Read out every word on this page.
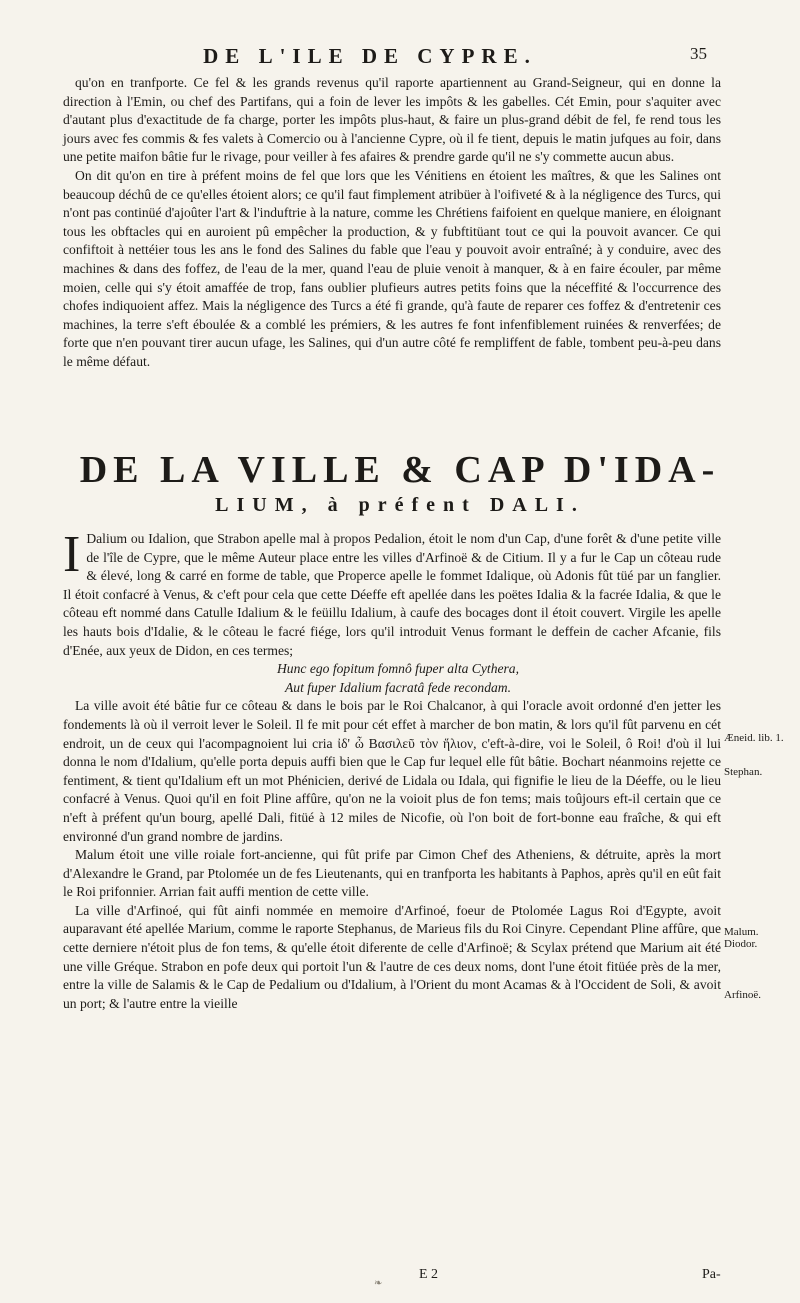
DE L'ILE DE CYPRE.	35

qu'on en tranfporte. Ce fel & les grands revenus qu'il raporte apartiennent au Grand-Seigneur, qui en donne la direction à l'Emin, ou chef des Partifans, qui a foin de lever les impôts & les gabelles. Cét Emin, pour s'aquiter avec d'autant plus d'exactitude de fa charge, porter les impôts plus-haut, & faire un plus-grand débit de fel, fe rend tous les jours avec fes commis & fes valets à Comercio ou à l'ancienne Cypre, où il fe tient, depuis le matin jufques au foir, dans une petite maifon bâtie fur le rivage, pour veiller à fes afaires & prendre garde qu'il ne s'y commette aucun abus.

On dit qu'on en tire à préfent moins de fel que lors que les Vénitiens en étoient les maîtres, & que les Salines ont beaucoup déchû de ce qu'elles étoient alors; ce qu'il faut fimplement atribüer à l'oifiveté & à la négligence des Turcs, qui n'ont pas continüé d'ajoûter l'art & l'induftrie à la nature, comme les Chrétiens faifoient en quelque maniere, en éloignant tous les obftacles qui en auroient pû empêcher la production, & y fubftitüant tout ce qui la pouvoit avancer. Ce qui confiftoit à nettéier tous les ans le fond des Salines du fable que l'eau y pouvoit avoir entraîné; à y conduire, avec des machines & dans des foffez, de l'eau de la mer, quand l'eau de pluie venoit à manquer, & à en faire écouler, par même moien, celle qui s'y étoit amaffée de trop, fans oublier plufieurs autres petits foins que la néceffité & l'occurrence des chofes indiquoient affez. Mais la négligence des Turcs a été fi grande, qu'à faute de reparer ces foffez & d'entretenir ces machines, la terre s'eft éboulée & a comblé les prémiers, & les autres fe font infenfiblement ruinées & renverfées; de forte que n'en pouvant tirer aucun ufage, les Salines, qui d'un autre côté fe rempliffent de fable, tombent peu-à-peu dans le même défaut.

DE LA VILLE & CAP D'IDA-
LIUM, à préfent DALI.

I Dalium ou Idalion, que Strabon apelle mal à propos Pedalion, étoit le nom d'un Cap, d'une forêt & d'une petite ville de l'île de Cypre, que le même Auteur place entre les villes d'Arfinoë & de Citium. Il y a fur le Cap un côteau rude & élevé, long & carré en forme de table, que Properce apelle le fommet Idalique, où Adonis fût tüé par un fanglier. Il étoit confacré à Venus, & c'eft pour cela que cette Déeffe eft apellée dans les poëtes Idalia & la facrée Idalia, & que le côteau eft nommé dans Catulle Idalium & le feüillu Idalium, à caufe des bocages dont il étoit couvert. Virgile les apelle les hauts bois d'Idalie, & le côteau le facré fiége, lors qu'il introduit Venus formant le deffein de cacher Afcanie, fils d'Enée, aux yeux de Didon, en ces termes;

Hunc ego fopitum fomnô fuper alta Cythera,

Aut fuper Idalium facratâ fede recondam.

La ville avoit été bâtie fur ce côteau & dans le bois par le Roi Chalcanor, à qui l'oracle avoit ordonné d'en jetter les fondements là où il verroit lever le Soleil. Il fe mit pour cét effet à marcher de bon matin, & lors qu'il fût parvenu en cét endroit, un de ceux qui l'acompagnoient lui cria ἰδ' ὦ Βασιλεῦ τὸν ἥλιον, c'eft-à-dire, voi le Soleil, ô Roi! d'où il lui donna le nom d'Idalium, qu'elle porta depuis auffi bien que le Cap fur lequel elle fût bâtie. Bochart néanmoins rejette ce fentiment, & tient qu'Idalium eft un mot Phénicien, derivé de Lidala ou Idala, qui fignifie le lieu de la Déeffe, ou le lieu confacré à Venus. Quoi qu'il en foit Pline affûre, qu'on ne la voioit plus de fon tems; mais toûjours eft-il certain que ce n'eft à préfent qu'un bourg, apellé Dali, fitüé à 12 miles de Nicofie, où l'on boit de fort-bonne eau fraîche, & qui eft environné d'un grand nombre de jardins.

Malum étoit une ville roiale fort-ancienne, qui fût prife par Cimon Chef des Atheniens, & détruite, après la mort d'Alexandre le Grand, par Ptolomée un de fes Lieutenants, qui en tranfporta les habitants à Paphos, après qu'il en eût fait le Roi prifonnier. Arrian fait auffi mention de cette ville.

La ville d'Arfinoé, qui fût ainfi nommée en memoire d'Arfinoé, foeur de Ptolomée Lagus Roi d'Egypte, avoit auparavant été apellée Marium, comme le raporte Stephanus, de Marieus fils du Roi Cinyre. Cependant Pline affûre, que cette derniere n'étoit plus de fon tems, & qu'elle étoit diferente de celle d'Arfinoë; & Scylax prétend que Marium ait été une ville Gréque. Strabon en pofe deux qui portoit l'un & l'autre de ces deux noms, dont l'une étoit fitüée près de la mer, entre la ville de Salamis & le Cap de Pedalium ou d'Idalium, à l'Orient du mont Acamas & à l'Occident de Soli, & avoit un port; & l'autre entre la vieille

Æneid. lib. 1.
Stephan.
Malum.
Diodor.
Arfinoë.
E 2	Pa-
❧
